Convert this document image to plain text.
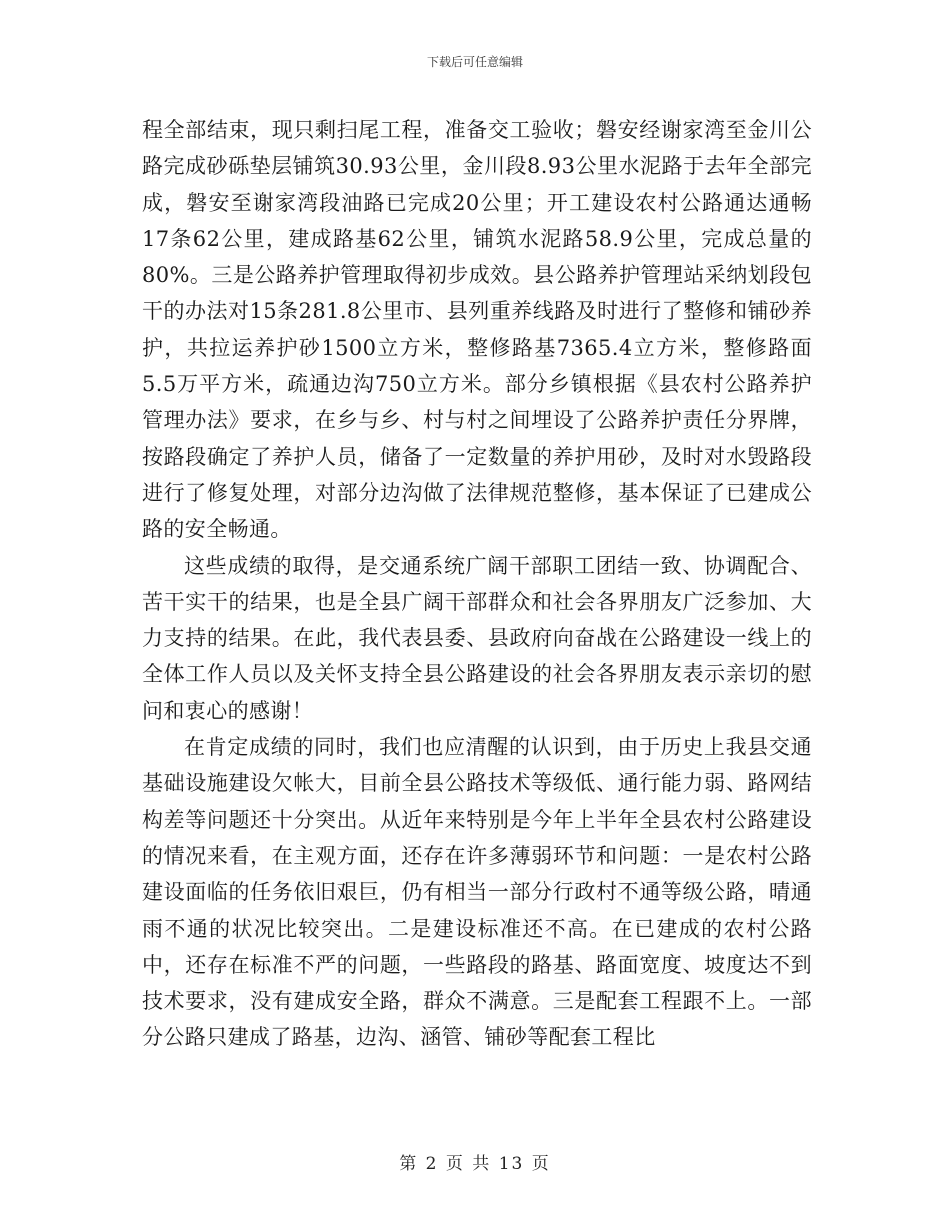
下载后可任意编辑

程全部结束，现只剩扫尾工程，准备交工验收；磐安经谢家湾至金川公路完成砂砾垫层铺筑30.93公里，金川段8.93公里水泥路于去年全部完成，磐安至谢家湾段油路已完成20公里；开工建设农村公路通达通畅17条62公里，建成路基62公里，铺筑水泥路58.9公里，完成总量的80%。三是公路养护管理取得初步成效。县公路养护管理站采纳划段包干的办法对15条281.8公里市、县列重养线路及时进行了整修和铺砂养护，共拉运养护砂1500立方米，整修路基7365.4立方米，整修路面5.5万平方米，疏通边沟750立方米。部分乡镇根据《县农村公路养护管理办法》要求，在乡与乡、村与村之间埋设了公路养护责任分界牌，按路段确定了养护人员，储备了一定数量的养护用砂，及时对水毁路段进行了修复处理，对部分边沟做了法律规范整修，基本保证了已建成公路的安全畅通。

这些成绩的取得，是交通系统广阔干部职工团结一致、协调配合、苦干实干的结果，也是全县广阔干部群众和社会各界朋友广泛参加、大力支持的结果。在此，我代表县委、县政府向奋战在公路建设一线上的全体工作人员以及关怀支持全县公路建设的社会各界朋友表示亲切的慰问和衷心的感谢！

在肯定成绩的同时，我们也应清醒的认识到，由于历史上我县交通基础设施建设欠帐大，目前全县公路技术等级低、通行能力弱、路网结构差等问题还十分突出。从近年来特别是今年上半年全县农村公路建设的情况来看，在主观方面，还存在许多薄弱环节和问题：一是农村公路建设面临的任务依旧艰巨，仍有相当一部分行政村不通等级公路，晴通雨不通的状况比较突出。二是建设标准还不高。在已建成的农村公路中，还存在标准不严的问题，一些路段的路基、路面宽度、坡度达不到技术要求，没有建成安全路，群众不满意。三是配套工程跟不上。一部分公路只建成了路基，边沟、涵管、铺砂等配套工程比

第 2 页 共 13 页
